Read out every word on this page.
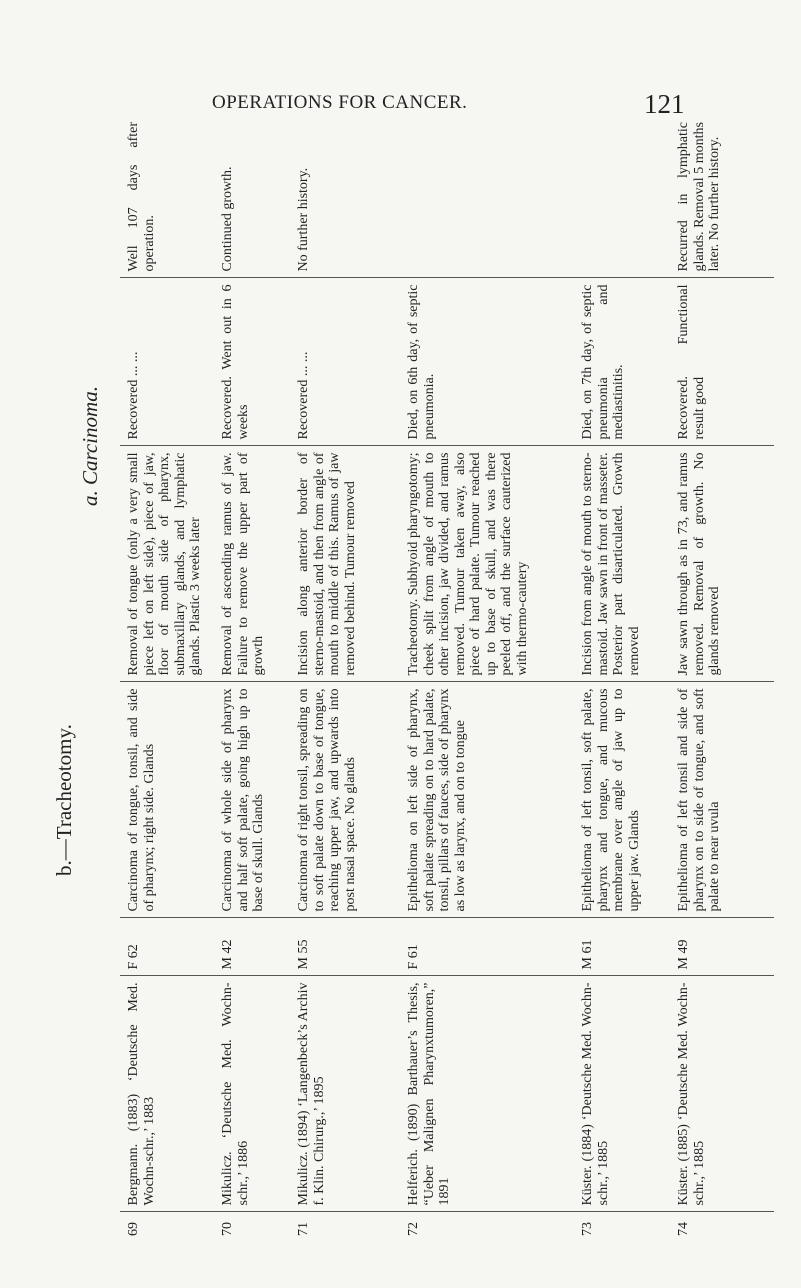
OPERATIONS FOR CANCER.	121
b.—Tracheotomy.
a. Carcinoma.
69	Bergmann. (1883) ‘Deutsche Med. Wochn-schr.,’ 1883	F 62	Carcinoma of tongue, tonsil, and side of pharynx; right side. Glands	Removal of tongue (only a very small piece left on left side), piece of jaw, floor of mouth side of pharynx, submaxillary glands, and lymphatic glands. Plastic 3 weeks later	Recovered ... ...	Well 107 days after operation.
70	Mikulicz. ‘Deutsche Med. Wochn-schr.,’ 1886	M 42	Carcinoma of whole side of pharynx and half soft palate, going high up to base of skull. Glands	Removal of ascending ramus of jaw. Failure to remove the upper part of growth	Recovered. Went out in 6 weeks	Continued growth.
71	Mikulicz. (1894) ‘Langenbeck’s Archiv f. Klin. Chirurg.,’ 1895	M 55	Carcinoma of right tonsil, spreading on to soft palate down to base of tongue, reaching upper jaw, and upwards into post nasal space. No glands	Incision along anterior border of sterno-mastoid, and then from angle of mouth to middle of this. Ramus of jaw removed behind. Tumour removed	Recovered ... ...	No further history.
72	Helferich. (1890) Barthauer’s Thesis, “Ueber Malignen Pharynxtumoren,” 1891	F 61	Epithelioma on left side of pharynx, soft palate spreading on to hard palate, tonsil, pillars of fauces, side of pharynx as low as larynx, and on to tongue	Tracheotomy. Subhyoid pharyngotomy; cheek split from angle of mouth to other incision, jaw divided, and ramus removed. Tumour taken away, also piece of hard palate. Tumour reached up to base of skull, and was there peeled off, and the surface cauterized with thermo-cautery	Died, on 6th day, of septic pneumonia.	
73	Küster. (1884) ‘Deutsche Med. Wochn-schr.,’ 1885	M 61	Epithelioma of left tonsil, soft palate, pharynx and tongue, and mucous membrane over angle of jaw up to upper jaw. Glands	Incision from angle of mouth to sterno-mastoid. Jaw sawn in front of masseter. Posterior part disarticulated. Growth removed	Died, on 7th day, of septic pneumonia and mediastinitis.	
74	Küster. (1885) ‘Deutsche Med. Wochn-schr.,’ 1885	M 49	Epithelioma of left tonsil and side of pharynx on to side of tongue, and soft palate to near uvula	Jaw sawn through as in 73, and ramus removed. Removal of growth. No glands removed	Recovered. Functional result good	Recurred in lymphatic glands. Removal 5 months later. No further history.
